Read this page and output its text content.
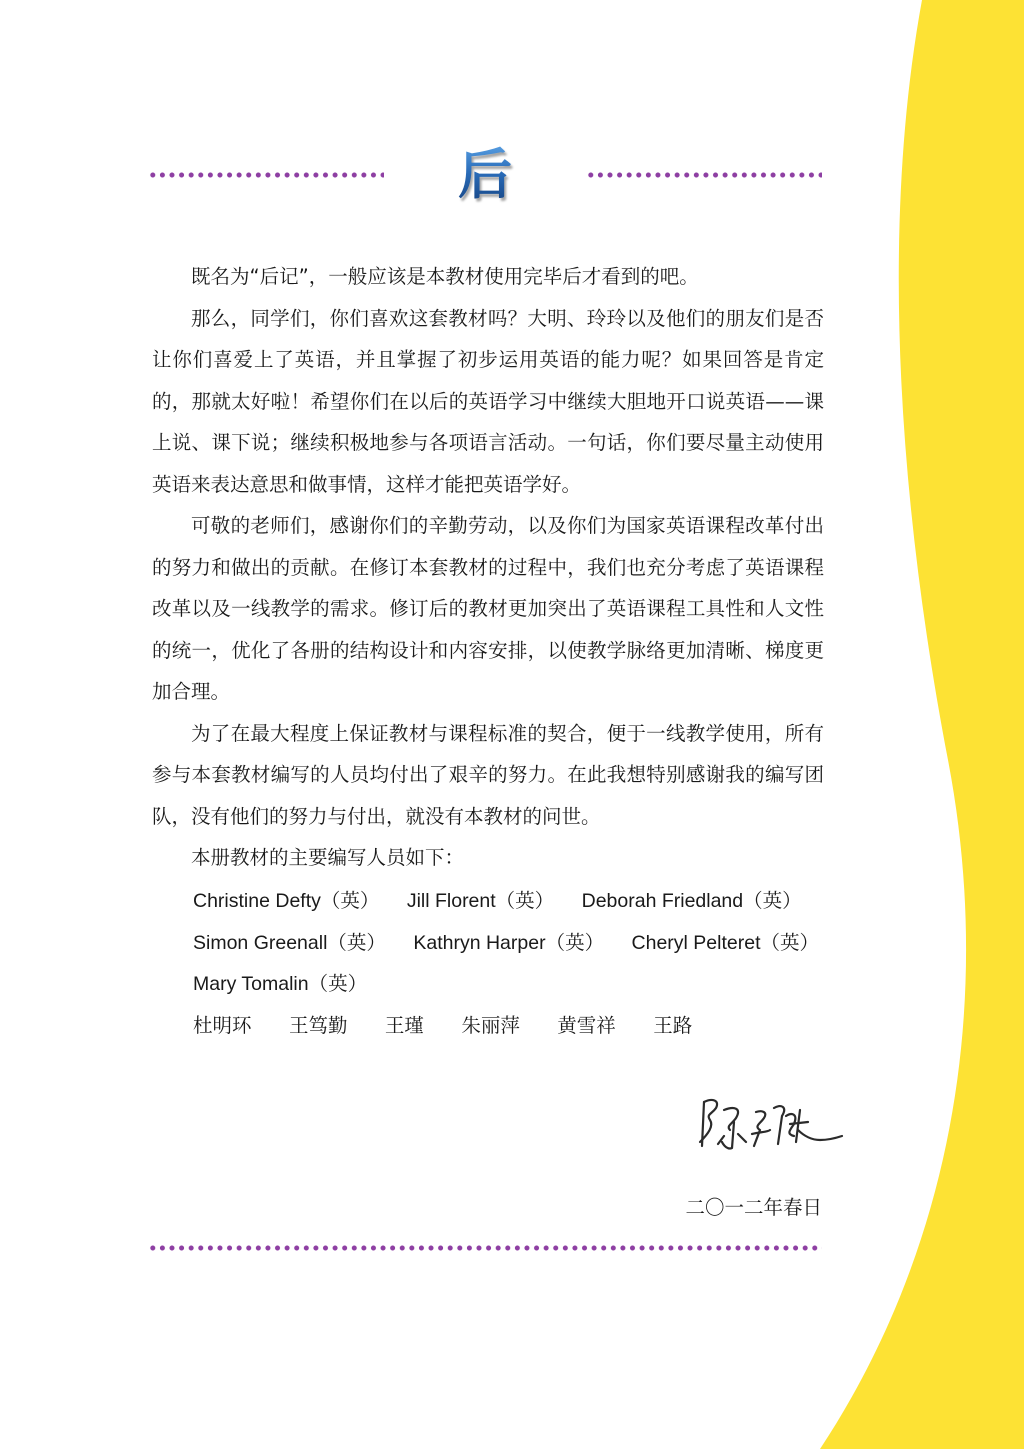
后记

既名为“后记”，一般应该是本教材使用完毕后才看到的吧。

那么，同学们，你们喜欢这套教材吗？大明、玲玲以及他们的朋友们是否让你们喜爱上了英语，并且掌握了初步运用英语的能力呢？如果回答是肯定的，那就太好啦！希望你们在以后的英语学习中继续大胆地开口说英语——课上说、课下说；继续积极地参与各项语言活动。一句话，你们要尽量主动使用英语来表达意思和做事情，这样才能把英语学好。

可敬的老师们，感谢你们的辛勤劳动，以及你们为国家英语课程改革付出的努力和做出的贡献。在修订本套教材的过程中，我们也充分考虑了英语课程改革以及一线教学的需求。修订后的教材更加突出了英语课程工具性和人文性的统一，优化了各册的结构设计和内容安排，以使教学脉络更加清晰、梯度更加合理。

为了在最大程度上保证教材与课程标准的契合，便于一线教学使用，所有参与本套教材编写的人员均付出了艰辛的努力。在此我想特别感谢我的编写团队，没有他们的努力与付出，就没有本教材的问世。

本册教材的主要编写人员如下：

Christine Defty（英） Jill Florent（英） Deborah Friedland（英）
Simon Greenall（英） Kathryn Harper（英） Cheryl Pelteret（英）
Mary Tomalin（英）
杜明环 王笃勤 王瑾 朱丽萍 黄雪祥 王路
二〇一二年春日
